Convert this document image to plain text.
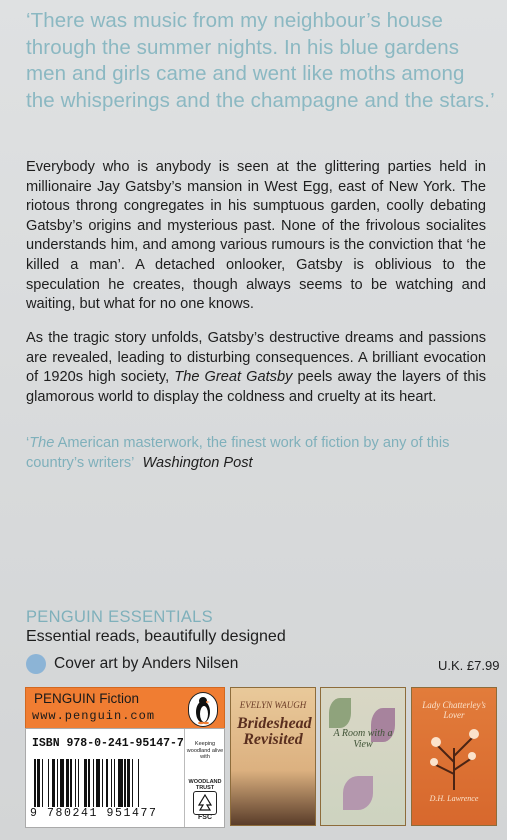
‘There was music from my neighbour’s house through the summer nights. In his blue gardens men and girls came and went like moths among the whisperings and the champagne and the stars.’
Everybody who is anybody is seen at the glittering parties held in millionaire Jay Gatsby’s mansion in West Egg, east of New York. The riotous throng congregates in his sumptuous garden, coolly debating Gatsby’s origins and mysterious past. None of the frivolous socialites understands him, and among various rumours is the conviction that ‘he killed a man’. A detached onlooker, Gatsby is oblivious to the speculation he creates, though always seems to be watching and waiting, but what for no one knows.
As the tragic story unfolds, Gatsby’s destructive dreams and passions are revealed, leading to disturbing consequences. A brilliant evocation of 1920s high society, The Great Gatsby peels away the layers of this glamorous world to display the coldness and cruelty at its heart.
‘The American masterwork, the finest work of fiction by any of this country’s writers’ Washington Post
PENGUIN ESSENTIALS
Essential reads, beautifully designed
Cover art by Anders Nilsen	U.K. £7.99
PENGUIN Fiction
www.penguin.com
ISBN 978-0-241-95147-7
9 780241 951477
Keeping woodland alive with
WOODLAND TRUST
FSC
EVELYN WAUGH
Brideshead Revisited	A Room with a View
Lady Chatterley’s Lover
D.H. Lawrence
